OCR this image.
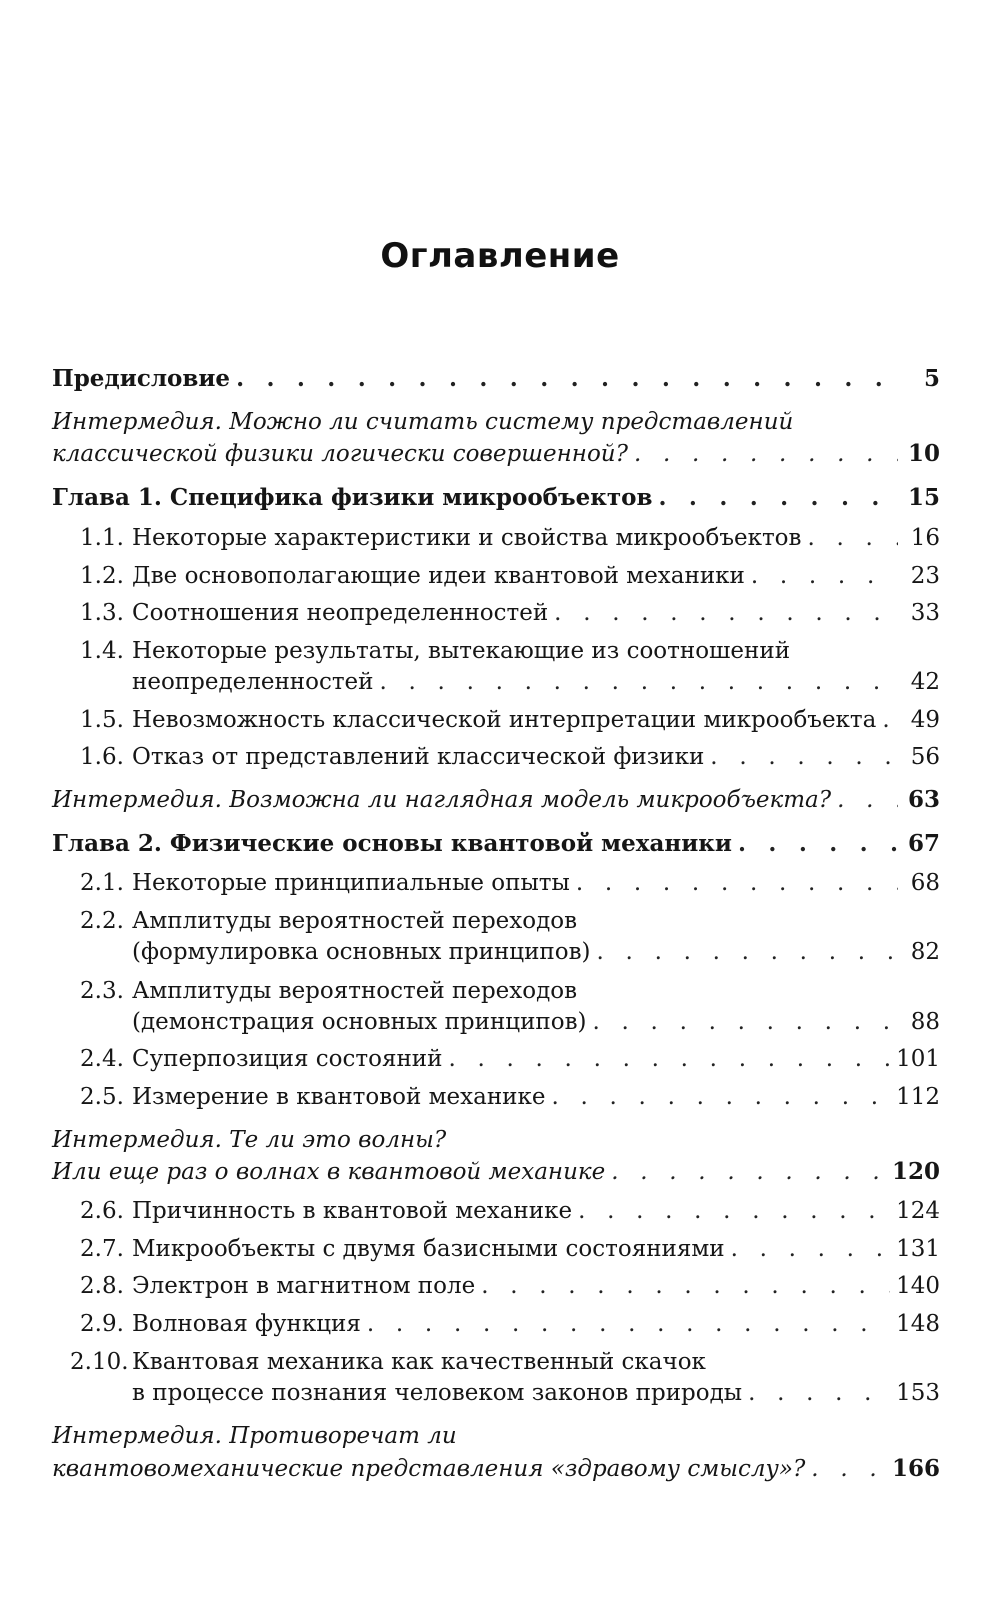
Оглавление
Предисловие . . .	5
Интермедия. Можно ли считать систему представлений
классической физики логически совершенной? . . .	10
Глава 1. Специфика физики микрообъектов . . .	15
1.1. Некоторые характеристики и свойства микрообъектов . . .	16
1.2. Две основополагающие идеи квантовой механики . . .	23
1.3. Соотношения неопределенностей . . .	33
1.4. Некоторые результаты, вытекающие из соотношений
неопределенностей . . .	42
1.5. Невозможность классической интерпретации микрообъекта . . . 49
1.6. Отказ от представлений классической физики . . .	56
Интермедия. Возможна ли наглядная модель микрообъекта? . . .	63
Глава 2. Физические основы квантовой механики . . .	67
2.1. Некоторые принципиальные опыты . . .	68
2.2. Амплитуды вероятностей переходов
(формулировка основных принципов) . . .	82
2.3. Амплитуды вероятностей переходов
(демонстрация основных принципов) . . .	88
2.4. Суперпозиция состояний . . .	101
2.5. Измерение в квантовой механике . . .	112
Интермедия. Те ли это волны?
Или еще раз о волнах в квантовой механике . . .	120
2.6. Причинность в квантовой механике . . .	124
2.7. Микрообъекты с двумя базисными состояниями . . .	131
2.8. Электрон в магнитном поле . . .	140
2.9. Волновая функция . . .	148
2.10. Квантовая механика как качественный скачок
в процессе познания человеком законов природы . . .	153
Интермедия. Противоречат ли
квантовомеханические представления «здравому смыслу»? . . .	166
